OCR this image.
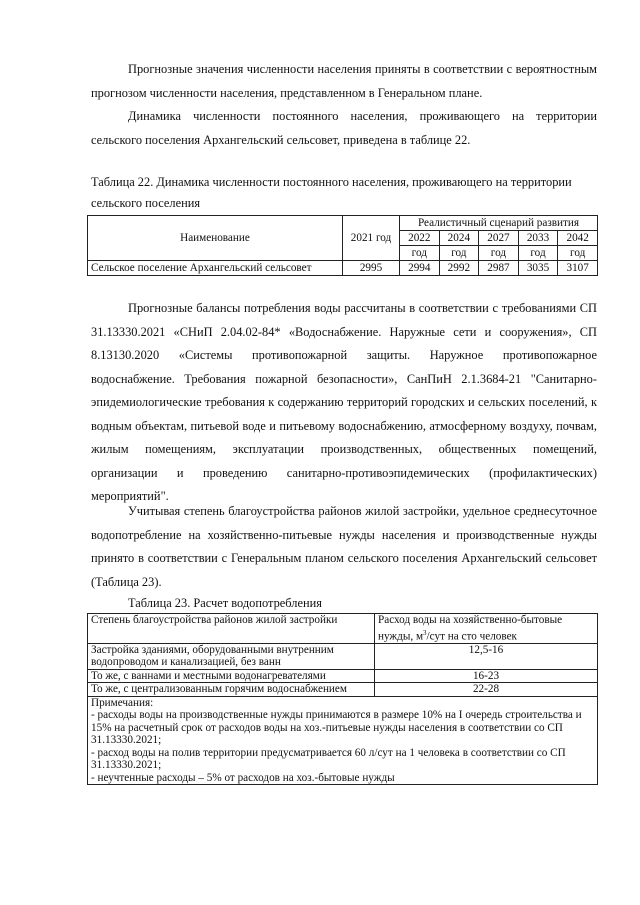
Прогнозные значения численности населения приняты в соответствии с вероятностным прогнозом численности населения, представленном в Генеральном плане.
Динамика численности постоянного населения, проживающего на территории сельского поселения Архангельский сельсовет, приведена в таблице 22.
Таблица 22. Динамика численности постоянного населения, проживающего на территории сельского поселения
Наименование	2021 год	Реалистичный сценарий развития				
		2022	2024	2027	2033	2042
		год	год	год	год	год
Сельское поселение Архангельский сельсовет	2995	2994	2992	2987	3035	3107
Прогнозные балансы потребления воды рассчитаны в соответствии с требованиями СП 31.13330.2021 «СНиП 2.04.02-84* «Водоснабжение. Наружные сети и сооружения», СП 8.13130.2020 «Системы противопожарной защиты. Наружное противопожарное водоснабжение. Требования пожарной безопасности», СанПиН 2.1.3684-21 "Санитарно-эпидемиологические требования к содержанию территорий городских и сельских поселений, к водным объектам, питьевой воде и питьевому водоснабжению, атмосферному воздуху, почвам, жилым помещениям, эксплуатации производственных, общественных помещений, организации и проведению санитарно-противоэпидемических (профилактических) мероприятий".
Учитывая степень благоустройства районов жилой застройки, удельное среднесуточное водопотребление на хозяйственно-питьевые нужды населения и производственные нужды принято в соответствии с Генеральным планом сельского поселения Архангельский сельсовет (Таблица 23).
Таблица 23. Расчет водопотребления
Степень благоустройства районов жилой застройки	Расход воды на хозяйственно-бытовые нужды, $м^3$/сут на сто человек
Застройка зданиями, оборудованными внутренним водопроводом и канализацией, без ванн	12,5-16
То же, с ваннами и местными водонагревателями	16-23
То же, с централизованным горячим водоснабжением	22-28

Примечания:
- расходы воды на производственные нужды принимаются в размере 10% на I очередь строительства и 15% на расчетный срок от расходов воды на хоз.-питьевые нужды населения в соответствии со СП 31.13330.2021;
- расход воды на полив территории предусматривается 60 л/сут на 1 человека в соответствии со СП 31.13330.2021;
- неучтенные расходы – 5% от расходов на хоз.-бытовые нужды	
